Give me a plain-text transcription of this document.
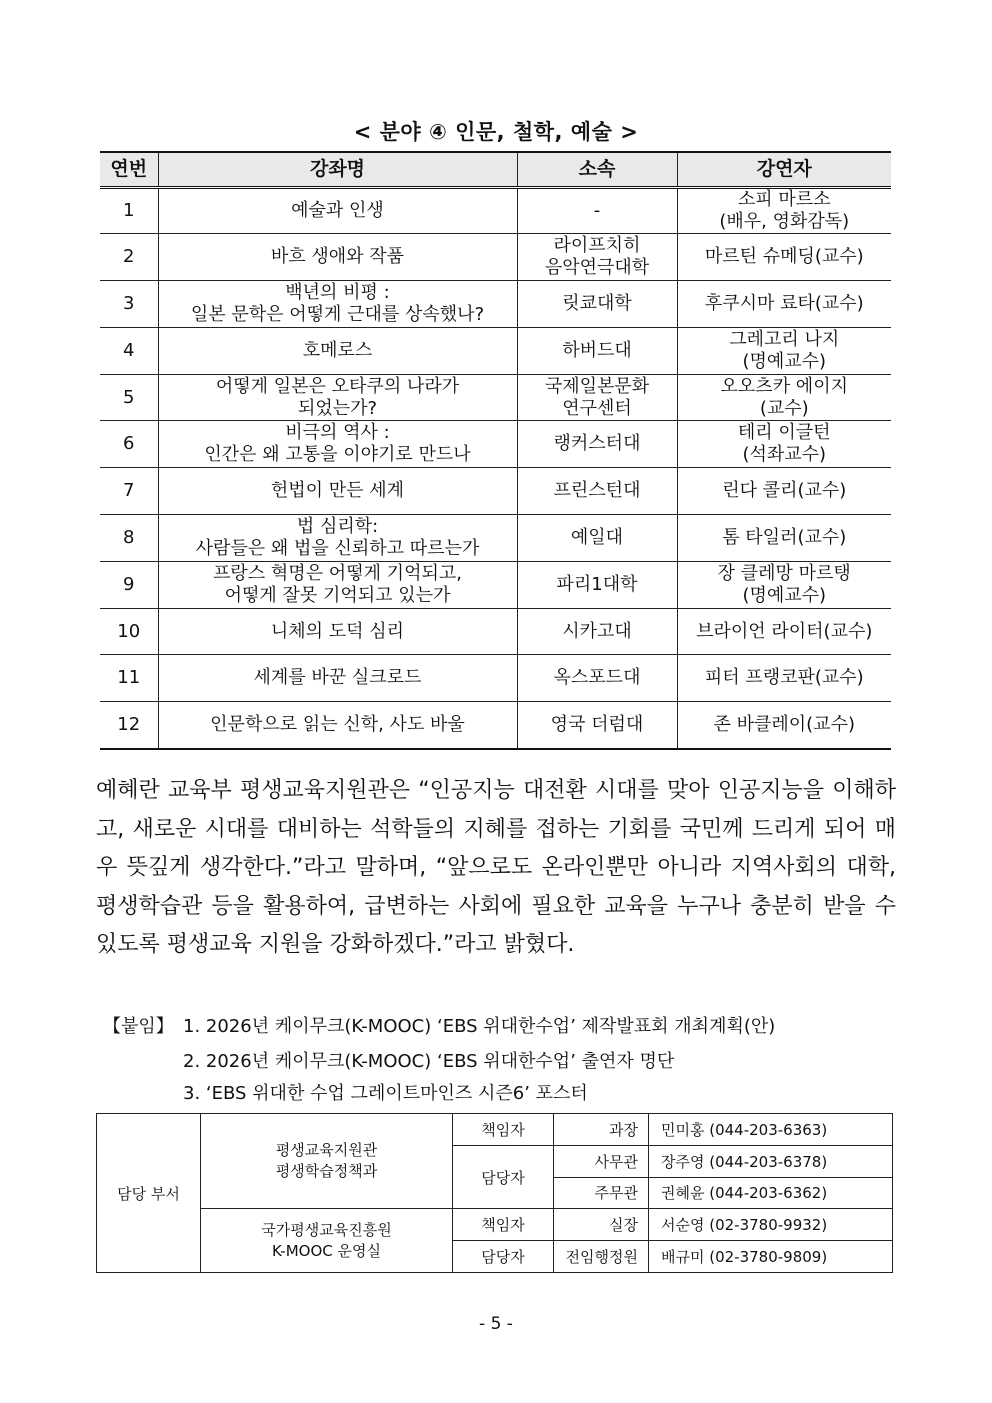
< 분야 ④ 인문, 철학, 예술 >
연번	강좌명	소속	강연자
1	예술과 인생	-	소피 마르소
(배우, 영화감독)

2	바흐 생애와 작품	라이프치히
음악연극대학	마르틴 슈메딩(교수)

3	백년의 비평 :
일본 문학은 어떻게 근대를 상속했나?	릿쿄대학	후쿠시마 료타(교수)

4	호메로스	하버드대	그레고리 나지
(명예교수)

5	어떻게 일본은 오타쿠의 나라가
되었는가?	국제일본문화
연구센터	오오츠카 에이지
(교수)

6	비극의 역사 :
인간은 왜 고통을 이야기로 만드나	랭커스터대	테리 이글턴
(석좌교수)

7	헌법이 만든 세계	프린스턴대	린다 콜리(교수)

8	법 심리학:
사람들은 왜 법을 신뢰하고 따르는가	예일대	톰 타일러(교수)

9	프랑스 혁명은 어떻게 기억되고,
어떻게 잘못 기억되고 있는가	파리1대학	장 클레망 마르탱
(명예교수)

10	니체의 도덕 심리	시카고대	브라이언 라이터(교수)

11	세계를 바꾼 실크로드	옥스포드대	피터 프랭코판(교수)

12	인문학으로 읽는 신학, 사도 바울	영국 더럼대	존 바클레이(교수)
예혜란 교육부 평생교육지원관은 “인공지능 대전환 시대를 맞아 인공지능을 이해하고, 새로운 시대를 대비하는 석학들의 지혜를 접하는 기회를 국민께 드리게 되어 매우 뜻깊게 생각한다.”라고 말하며, “앞으로도 온라인뿐만 아니라 지역사회의 대학, 평생학습관 등을 활용하여, 급변하는 사회에 필요한 교육을 누구나 충분히 받을 수 있도록 평생교육 지원을 강화하겠다.”라고 밝혔다.
【붙임】 1. 2026년 케이무크(K-MOOC) ‘EBS 위대한수업’ 제작발표회 개최계획(안)
2. 2026년 케이무크(K-MOOC) ‘EBS 위대한수업’ 출연자 명단
3. ‘EBS 위대한 수업 그레이트마인즈 시즌6’ 포스터
담당 부서	평생교육지원관
평생학습정책과	책임자	과장	민미홍 (044-203-6363)
		담당자	사무관	장주영 (044-203-6378)
			주무관	권혜윤 (044-203-6362)

	국가평생교육진흥원
K-MOOC 운영실	책임자	실장	서순영 (02-3780-9932)
		담당자	전임행정원	배규미 (02-3780-9809)
- 5 -
